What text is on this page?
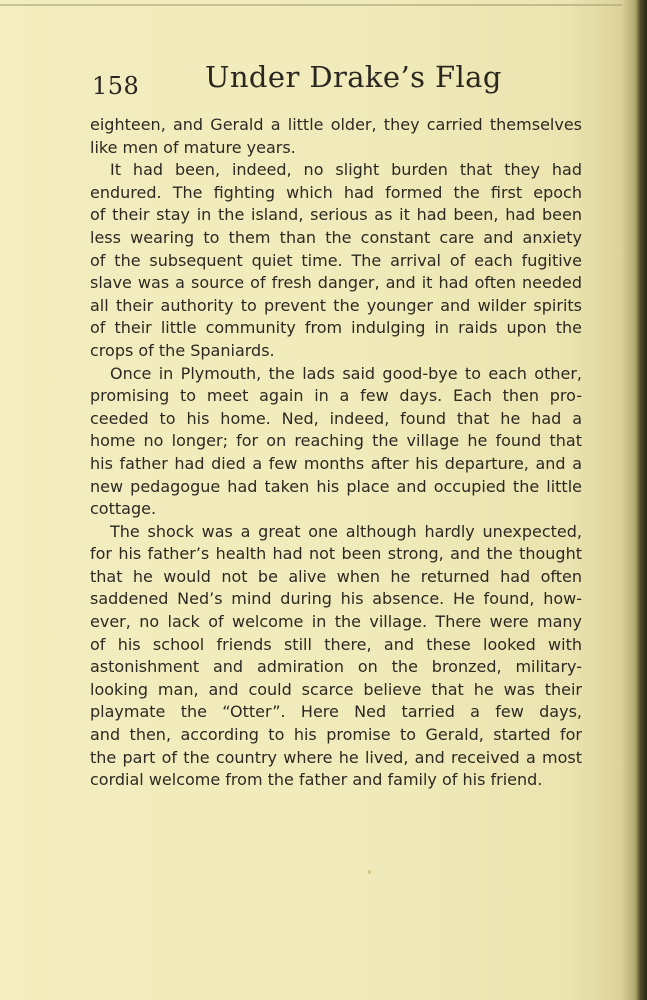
158 Under Drake’s Flag
eighteen, and Gerald a little older, they carried themselves
like men of mature years.
It had been, indeed, no slight burden that they had
endured. The fighting which had formed the first epoch
of their stay in the island, serious as it had been, had been
less wearing to them than the constant care and anxiety
of the subsequent quiet time. The arrival of each fugitive
slave was a source of fresh danger, and it had often needed
all their authority to prevent the younger and wilder spirits
of their little community from indulging in raids upon the
crops of the Spaniards.
Once in Plymouth, the lads said good-bye to each other,
promising to meet again in a few days. Each then pro-
ceeded to his home. Ned, indeed, found that he had a
home no longer; for on reaching the village he found that
his father had died a few months after his departure, and a
new pedagogue had taken his place and occupied the little
cottage.
The shock was a great one although hardly unexpected,
for his father’s health had not been strong, and the thought
that he would not be alive when he returned had often
saddened Ned’s mind during his absence. He found, how-
ever, no lack of welcome in the village. There were many
of his school friends still there, and these looked with
astonishment and admiration on the bronzed, military-
looking man, and could scarce believe that he was their
playmate the “Otter”. Here Ned tarried a few days,
and then, according to his promise to Gerald, started for
the part of the country where he lived, and received a most
cordial welcome from the father and family of his friend.
